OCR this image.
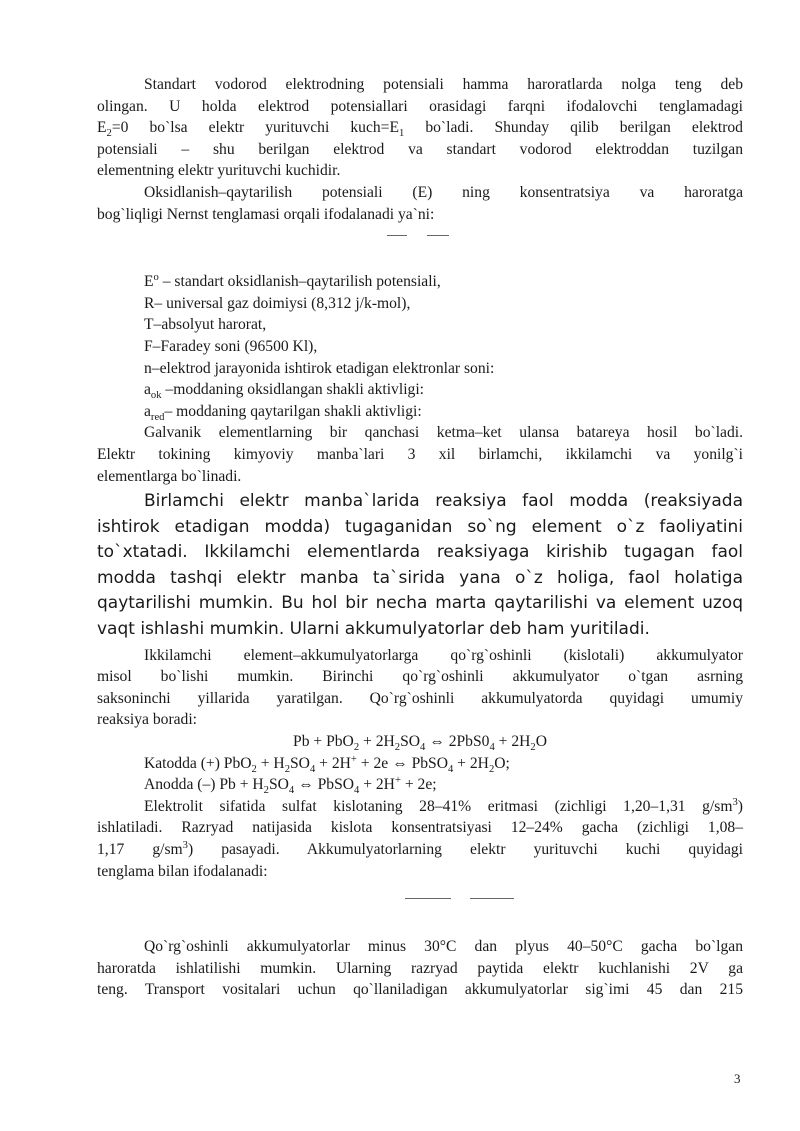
Standart vodorod elektrodning potensiali hamma haroratlarda nolga teng deb

olingan. U holda elektrod potensiallari orasidagi farqni ifodalovchi tenglamadagi

$E_2=0$ bo`lsa elektr yurituvchi $kuch=E_1$ bo`ladi. Shunday qilib berilgan elektrod

potensiali – shu berilgan elektrod va standart vodorod elektroddan tuzilgan

elementning elektr yurituvchi kuchidir.

Oksidlanish–qaytarilish potensiali (E) ning konsentratsiya va haroratga

bog`liqligi Nernst tenglamasi orqali ifodalanadi ya`ni:

$E^o$ – standart oksidlanish–qaytarilish potensiali,
R– universal gaz doimiysi (8,312 j/k-mol),
T–absolyut harorat,
F–Faradey soni (96500 Kl),
n–elektrod jarayonida ishtirok etadigan elektronlar soni:
$a_{ok}$ –moddaning oksidlangan shakli aktivligi:
$a_{red}-$ moddaning qaytarilgan shakli aktivligi:

Galvanik elementlarning bir qanchasi ketma–ket ulansa batareya hosil bo`ladi.

Elektr tokining kimyoviy manba`lari 3 xil birlamchi, ikkilamchi va yonilg`i

elementlarga bo`linadi.

Birlamchi elektr manba`larida reaksiya faol modda (reaksiyada

ishtirok etadigan modda) tugaganidan so`ng element o`z faoliyatini

to`xtatadi. Ikkilamchi elementlarda reaksiyaga kirishib tugagan faol

modda tashqi elektr manba ta`sirida yana o`z holiga, faol holatiga

qaytarilishi mumkin. Bu hol bir necha marta qaytarilishi va element uzoq

vaqt ishlashi mumkin. Ularni akkumulyatorlar deb ham yuritiladi.

Ikkilamchi element–akkumulyatorlarga qo`rg`oshinli (kislotali) akkumulyator

misol bo`lishi mumkin. Birinchi qo`rg`oshinli akkumulyator o`tgan asrning

saksoninchi yillarida yaratilgan. Qo`rg`oshinli akkumulyatorda quyidagi umumiy

reaksiya boradi:

$Pb + PbO_2 + 2H_2SO_4$ ⇔ $2PbS0_4 + 2H_2O$
Katodda (+) $PbO_2 + H_2SO_4 + 2H^+ + 2e$ ⇔ PbSO$_4$ + $2H_2O$;
Anodda (–) $Pb + H_2SO_4$ ⇔ PbSO$_4$ + 2H+ + 2e;

Elektrolit sifatida sulfat kislotaning 28–41% eritmasi (zichligi 1,20–1,31 $g/sm^3$)

ishlatiladi. Razryad natijasida kislota konsentratsiyasi 12–24% gacha (zichligi 1,08–

1,17 $g/sm^3$) pasayadi. Akkumulyatorlarning elektr yurituvchi kuchi quyidagi

tenglama bilan ifodalanadi:

Qo`rg`oshinli akkumulyatorlar minus 30°C dan plyus 40–50°C gacha bo`lgan

haroratda ishlatilishi mumkin. Ularning razryad paytida elektr kuchlanishi 2V ga

teng. Transport vositalari uchun qo`llaniladigan akkumulyatorlar sig`imi 45 dan 215

3
